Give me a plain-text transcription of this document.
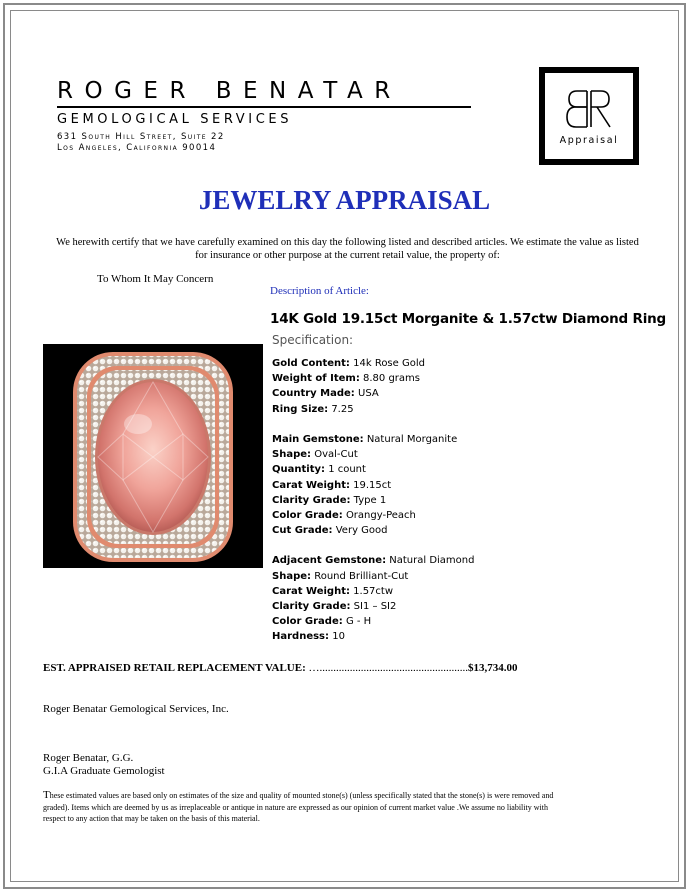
ROGER BENATAR
GEMOLOGICAL SERVICES
631 South Hill Street, Suite 22
Los Angeles, California 90014
Appraisal
JEWELRY APPRAISAL
We herewith certify that we have carefully examined on this day the following listed and described articles. We estimate the value as listed for insurance or other purpose at the current retail value, the property of:
To Whom It May Concern
Description of Article:
14K Gold 19.15ct Morganite & 1.57ctw Diamond Ring
Specification:
Gold Content: 14k Rose Gold
Weight of Item: 8.80 grams
Country Made: USA
Ring Size: 7.25
Main Gemstone: Natural Morganite
Shape: Oval-Cut
Quantity: 1 count
Carat Weight: 19.15ct
Clarity Grade: Type 1
Color Grade: Orangy-Peach
Cut Grade: Very Good
Adjacent Gemstone: Natural Diamond
Shape: Round Brilliant-Cut
Carat Weight: 1.57ctw
Clarity Grade: SI1 – SI2
Color Grade: G - H
Hardness: 10
EST. APPRAISED RETAIL REPLACEMENT VALUE: …......................................................$13,734.00
Roger Benatar Gemological Services, Inc.
Roger Benatar, G.G.
G.I.A Graduate Gemologist
These estimated values are based only on estimates of the size and quality of mounted stone(s) (unless specifically stated that the stone(s) is were removed and graded). Items which are deemed by us as irreplaceable or antique in nature are expressed as our opinion of current market value .We assume no liability with respect to any action that may be taken on the basis of this material.
